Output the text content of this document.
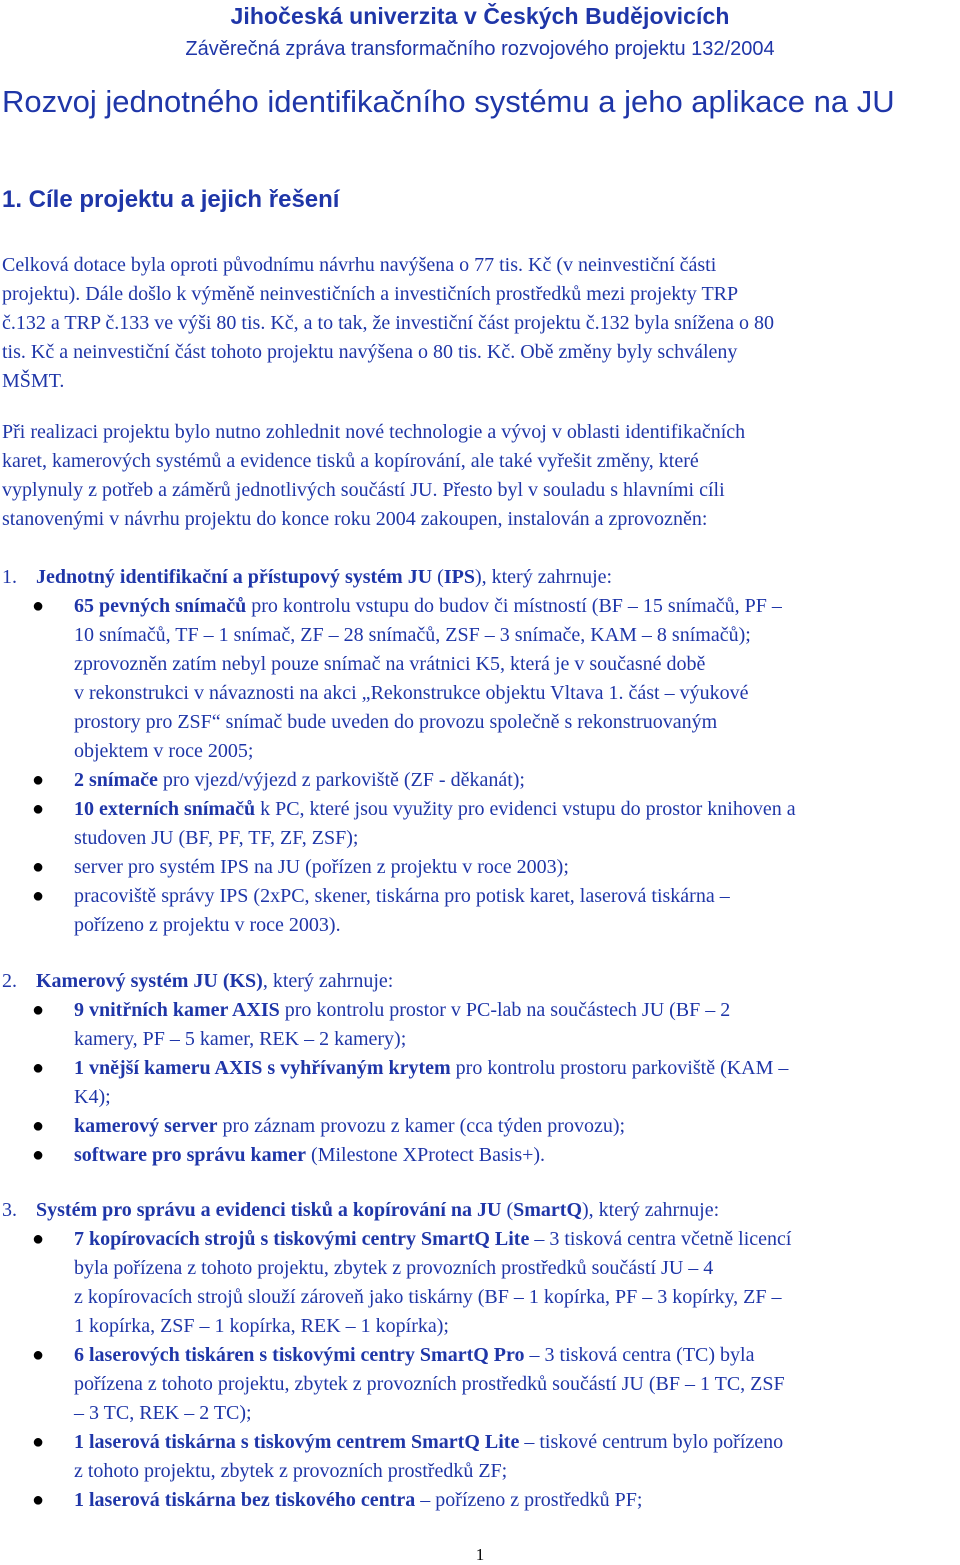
Jihočeská univerzita v Českých Budějovicích
Závěrečná zpráva transformačního rozvojového projektu 132/2004
Rozvoj jednotného identifikačního systému a jeho aplikace na JU
1. Cíle projektu a jejich řešení
Celková dotace byla oproti původnímu návrhu navýšena o 77 tis. Kč (v neinvestiční části
projektu). Dále došlo k výměně neinvestičních a investičních prostředků mezi projekty TRP
č.132 a TRP č.133 ve výši 80 tis. Kč, a to tak, že investiční část projektu č.132 byla snížena o 80
tis. Kč a neinvestiční část tohoto projektu navýšena o 80 tis. Kč. Obě změny byly schváleny
MŠMT.
Při realizaci projektu bylo nutno zohlednit nové technologie a vývoj v oblasti identifikačních
karet, kamerových systémů a evidence tisků a kopírování, ale také vyřešit změny, které
vyplynuly z potřeb a záměrů jednotlivých součástí JU. Přesto byl v souladu s hlavními cíli
stanovenými v návrhu projektu do konce roku 2004 zakoupen, instalován a zprovozněn:
1. Jednotný identifikační a přístupový systém JU (IPS), který zahrnuje:
● 65 pevných snímačů pro kontrolu vstupu do budov či místností (BF – 15 snímačů, PF –
10 snímačů, TF – 1 snímač, ZF – 28 snímačů, ZSF – 3 snímače, KAM – 8 snímačů);
zprovozněn zatím nebyl pouze snímač na vrátnici K5, která je v současné době
v rekonstrukci v návaznosti na akci „Rekonstrukce objektu Vltava 1. část – výukové
prostory pro ZSF“ snímač bude uveden do provozu společně s rekonstruovaným
objektem v roce 2005;
● 2 snímače pro vjezd/výjezd z parkoviště (ZF - děkanát);
● 10 externích snímačů k PC, které jsou využity pro evidenci vstupu do prostor knihoven a
studoven JU (BF, PF, TF, ZF, ZSF);
● server pro systém IPS na JU (pořízen z projektu v roce 2003);
● pracoviště správy IPS (2xPC, skener, tiskárna pro potisk karet, laserová tiskárna –
pořízeno z projektu v roce 2003).
2. Kamerový systém JU (KS), který zahrnuje:
● 9 vnitřních kamer AXIS pro kontrolu prostor v PC-lab na součástech JU (BF – 2
kamery, PF – 5 kamer, REK – 2 kamery);
● 1 vnější kameru AXIS s vyhřívaným krytem pro kontrolu prostoru parkoviště (KAM –
K4);
● kamerový server pro záznam provozu z kamer (cca týden provozu);
● software pro správu kamer (Milestone XProtect Basis+).
3. Systém pro správu a evidenci tisků a kopírování na JU (SmartQ), který zahrnuje:
● 7 kopírovacích strojů s tiskovými centry SmartQ Lite – 3 tisková centra včetně licencí
byla pořízena z tohoto projektu, zbytek z provozních prostředků součástí JU – 4
z kopírovacích strojů slouží zároveň jako tiskárny (BF – 1 kopírka, PF – 3 kopírky, ZF –
1 kopírka, ZSF – 1 kopírka, REK – 1 kopírka);
● 6 laserových tiskáren s tiskovými centry SmartQ Pro – 3 tisková centra (TC) byla
pořízena z tohoto projektu, zbytek z provozních prostředků součástí JU (BF – 1 TC, ZSF
– 3 TC, REK – 2 TC);
● 1 laserová tiskárna s tiskovým centrem SmartQ Lite – tiskové centrum bylo pořízeno
z tohoto projektu, zbytek z provozních prostředků ZF;
● 1 laserová tiskárna bez tiskového centra – pořízeno z prostředků PF;
1
